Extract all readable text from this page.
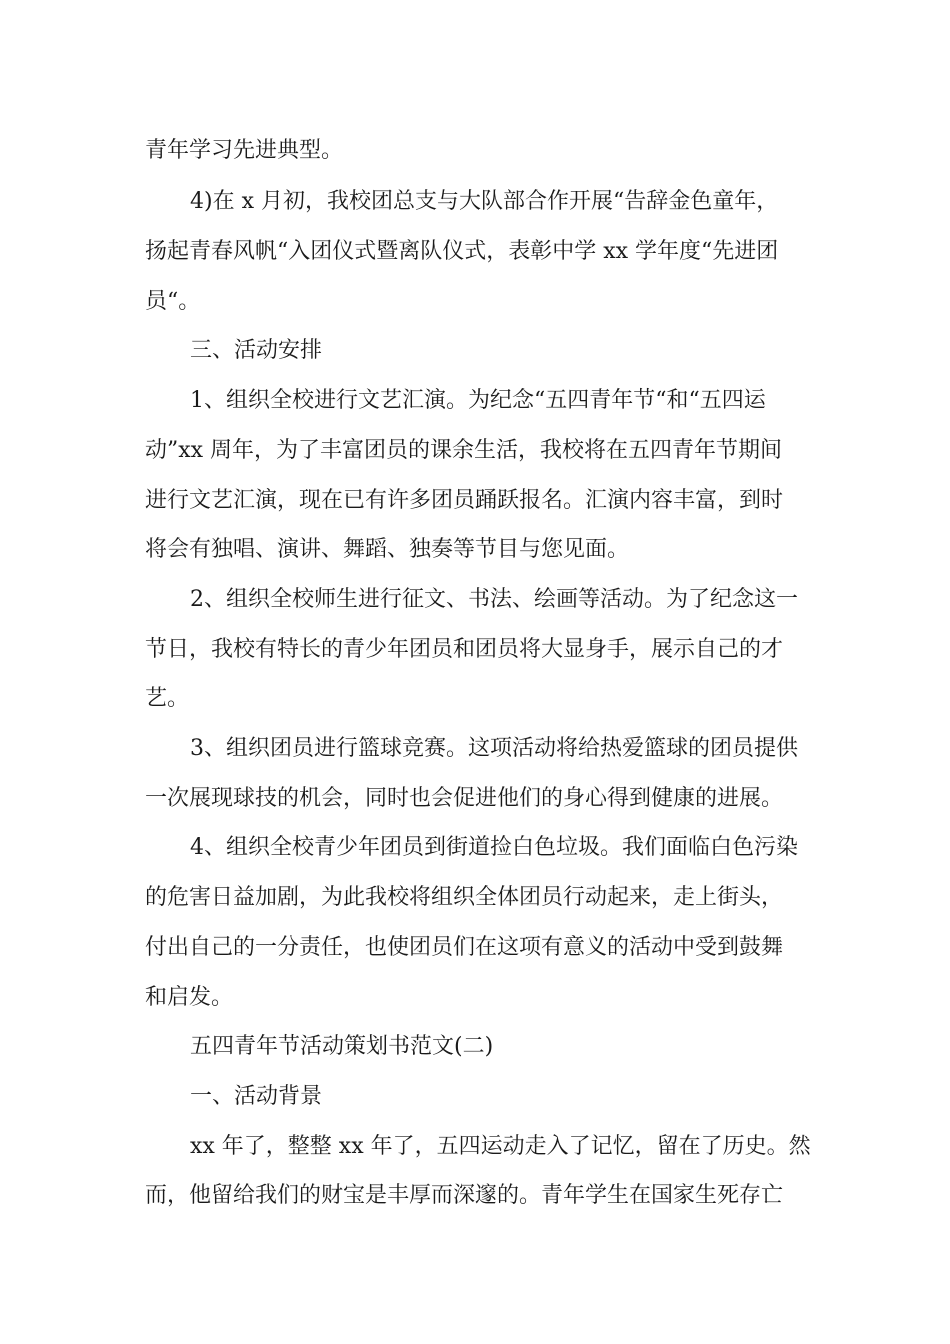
青年学习先进典型。
4)在 x 月初，我校团总支与大队部合作开展“告辞金色童年，
扬起青春风帆“入团仪式暨离队仪式，表彰中学 xx 学年度“先进团
员“。
三、活动安排
1、组织全校进行文艺汇演。为纪念“五四青年节“和“五四运
动”xx 周年，为了丰富团员的课余生活，我校将在五四青年节期间
进行文艺汇演，现在已有许多团员踊跃报名。汇演内容丰富，到时
将会有独唱、演讲、舞蹈、独奏等节目与您见面。
2、组织全校师生进行征文、书法、绘画等活动。为了纪念这一
节日，我校有特长的青少年团员和团员将大显身手，展示自己的才
艺。
3、组织团员进行篮球竞赛。这项活动将给热爱篮球的团员提供
一次展现球技的机会，同时也会促进他们的身心得到健康的进展。
4、组织全校青少年团员到街道捡白色垃圾。我们面临白色污染
的危害日益加剧，为此我校将组织全体团员行动起来，走上街头，
付出自己的一分责任，也使团员们在这项有意义的活动中受到鼓舞
和启发。
五四青年节活动策划书范文(二)
一、活动背景
xx 年了，整整 xx 年了，五四运动走入了记忆，留在了历史。然
而，他留给我们的财宝是丰厚而深邃的。青年学生在国家生死存亡
